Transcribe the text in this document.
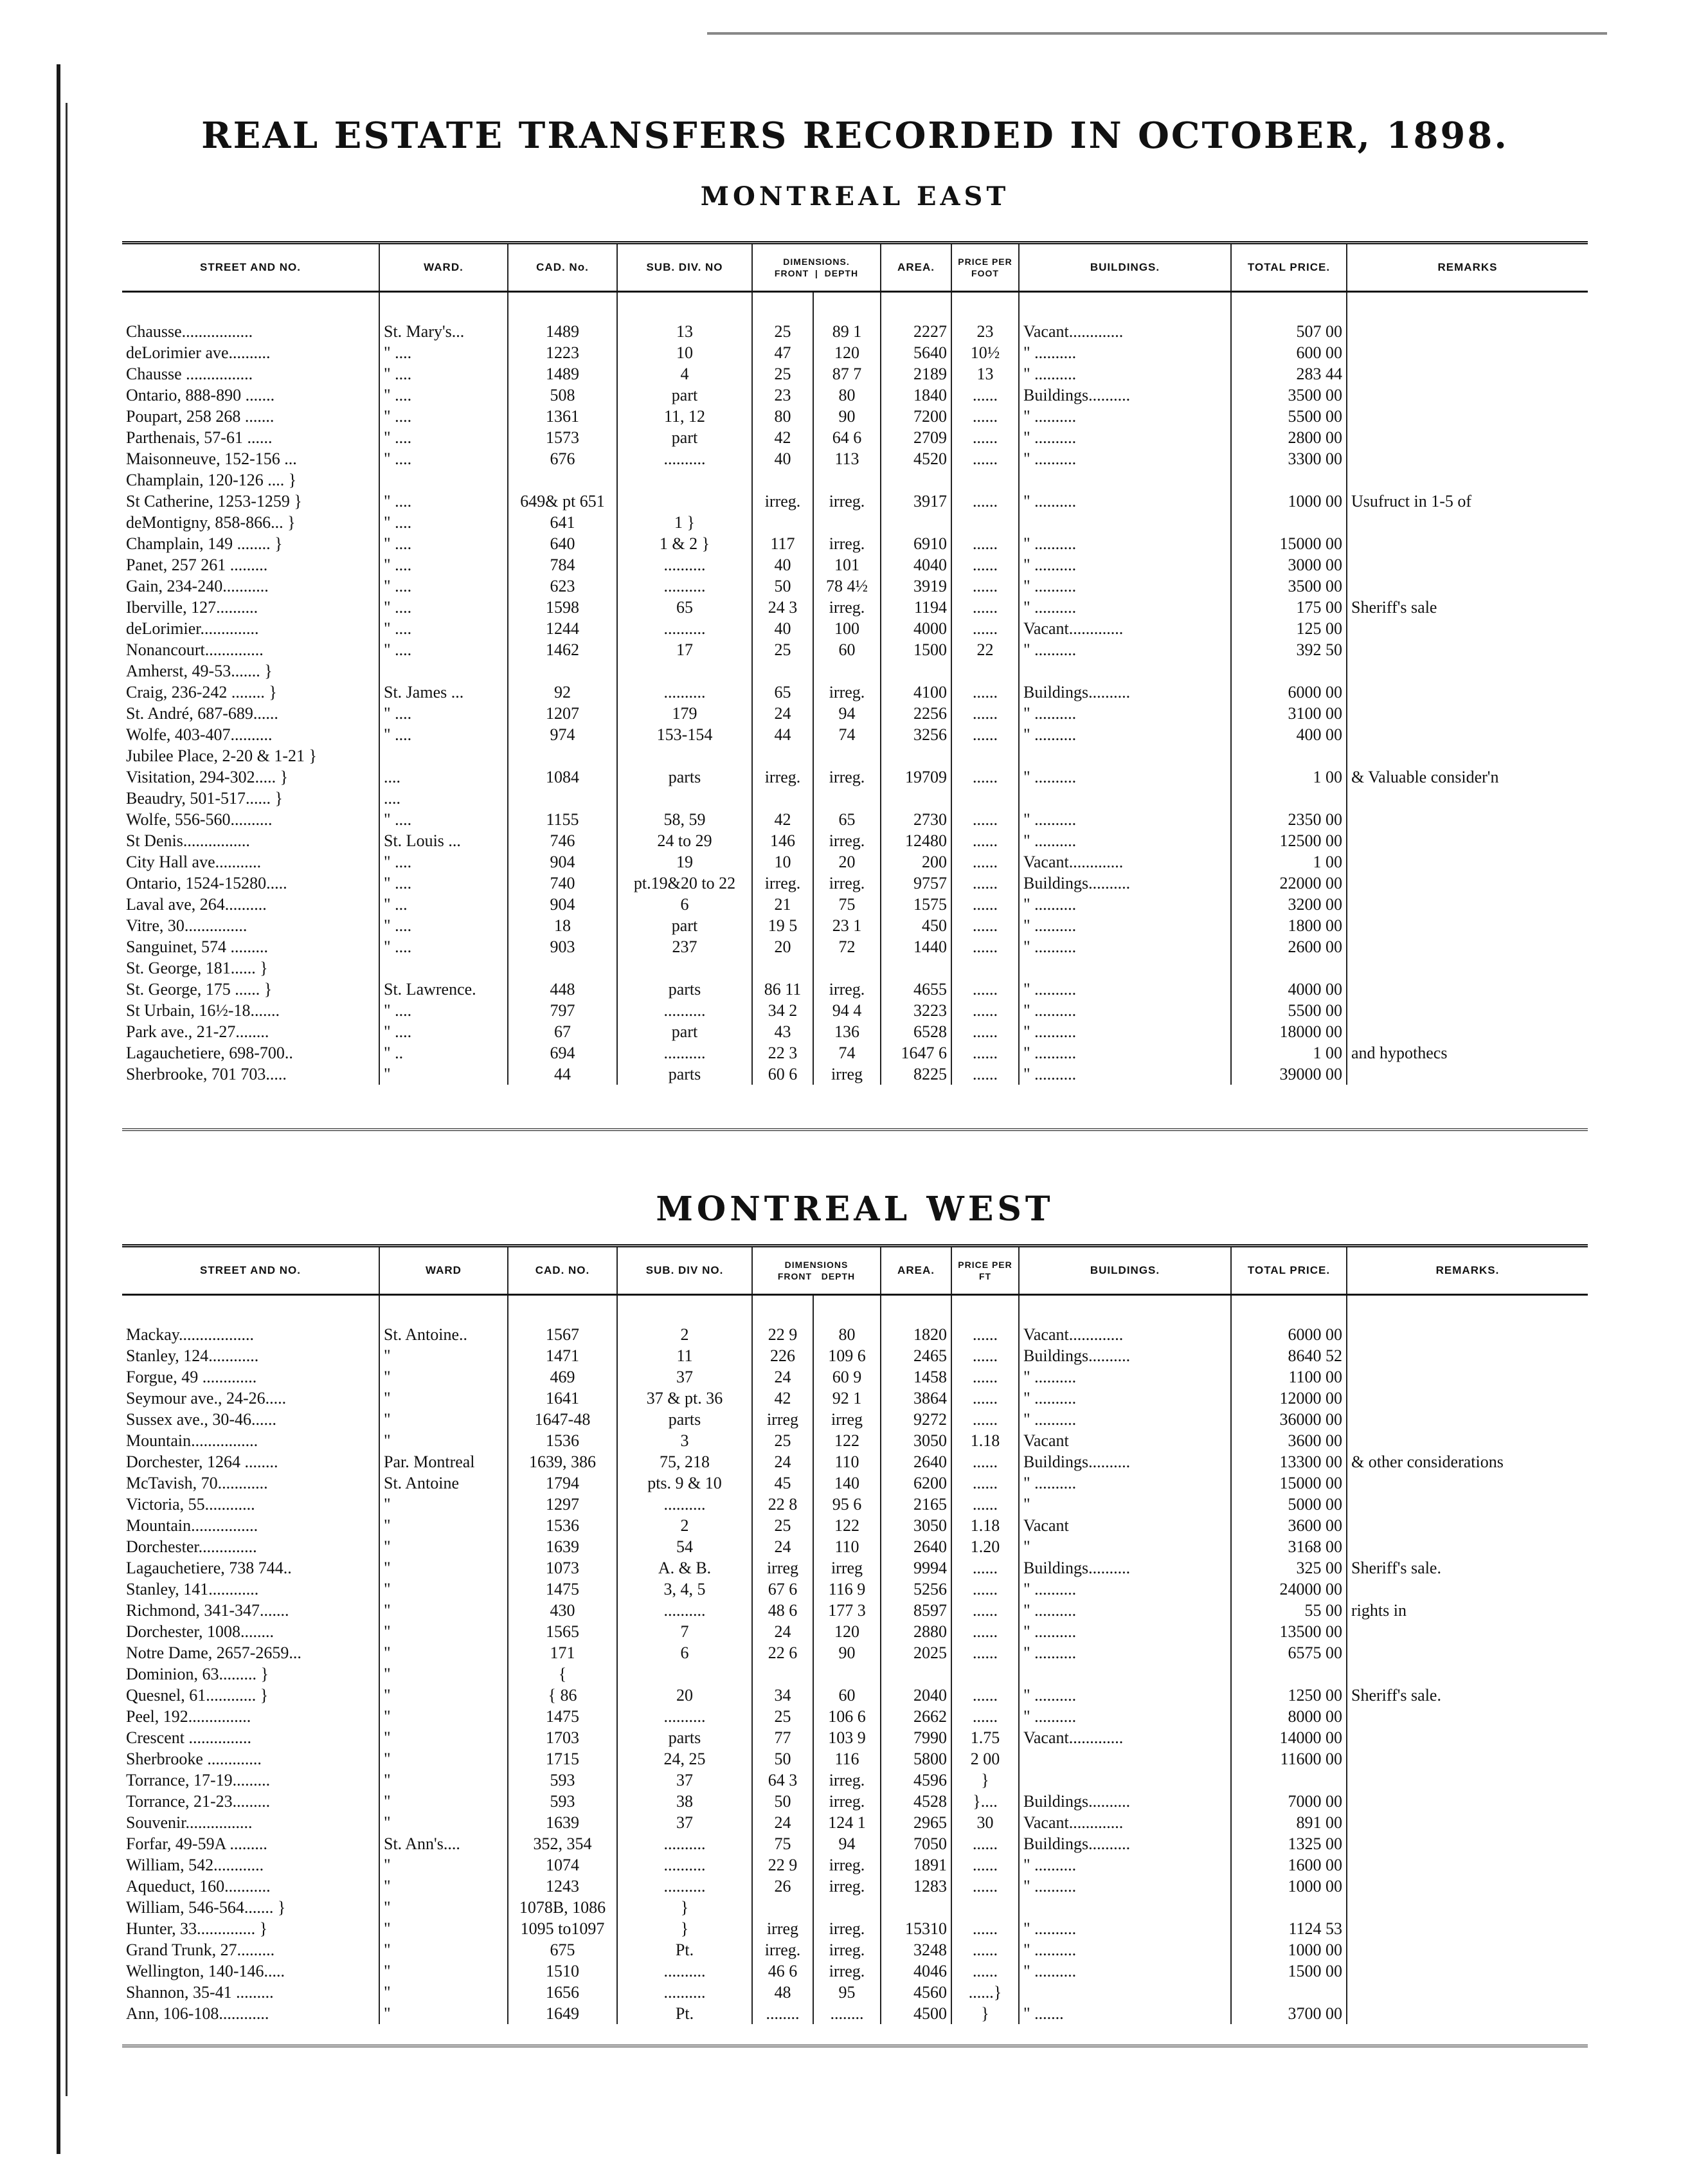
REAL ESTATE TRANSFERS RECORDED IN OCTOBER, 1898.
MONTREAL EAST
STREET AND NO.	WARD.	CAD. No.	SUB. DIV. NO	DIMENSIONS.
FRONT  |  DEPTH		AREA.	PRICE PER FOOT	BUILDINGS.	TOTAL PRICE.	REMARKS

Chausse.................	St. Mary's...	1489	13	25	89 1	2227	23	Vacant.............	507 00	
deLorimier ave..........	" ....	1223	10	47	120	5640	10½	" ..........	600 00	
Chausse ................	" ....	1489	4	25	87 7	2189	13	" ..........	283 44	
Ontario, 888-890 .......	" ....	508	part	23	80	1840	......	Buildings..........	3500 00	
Poupart, 258 268 .......	" ....	1361	11, 12	80	90	7200	......	" ..........	5500 00	
Parthenais, 57-61 ......	" ....	1573	part	42	64 6	2709	......	" ..........	2800 00	
Maisonneuve, 152-156 ...	" ....	676	..........	40	113	4520	......	" ..........	3300 00	
Champlain, 120-126 .... }										
St Catherine, 1253-1259 }	" ....	649& pt 651		irreg.	irreg.	3917	......	" ..........	1000 00	Usufruct in 1-5 of
deMontigny, 858-866... }	" ....	641	1 }							
Champlain, 149 ........ }	" ....	640	1 & 2 }	117	irreg.	6910	......	" ..........	15000 00	
Panet, 257 261 .........	" ....	784	..........	40	101	4040	......	" ..........	3000 00	
Gain, 234-240...........	" ....	623	..........	50	78 4½	3919	......	" ..........	3500 00	
Iberville, 127..........	" ....	1598	65	24 3	irreg.	1194	......	" ..........	175 00	Sheriff's sale
deLorimier..............	" ....	1244	..........	40	100	4000	......	Vacant.............	125 00	
Nonancourt..............	" ....	1462	17	25	60	1500	22	" ..........	392 50	
Amherst, 49-53....... }										
Craig, 236-242 ........ }	St. James ...	92	..........	65	irreg.	4100	......	Buildings..........	6000 00	
St. André, 687-689......	" ....	1207	179	24	94	2256	......	" ..........	3100 00	
Wolfe, 403-407..........	" ....	974	153-154	44	74	3256	......	" ..........	400 00	
Jubilee Place, 2-20 & 1-21 }										
Visitation, 294-302..... }	....	1084	parts	irreg.	irreg.	19709	......	" ..........	1 00	& Valuable consider'n
Beaudry, 501-517...... }	....									
Wolfe, 556-560..........	" ....	1155	58, 59	42	65	2730	......	" ..........	2350 00	
St Denis................	St. Louis ...	746	24 to 29	146	irreg.	12480	......	" ..........	12500 00	
City Hall ave...........	" ....	904	19	10	20	200	......	Vacant.............	1 00	
Ontario, 1524-15280.....	" ....	740	pt.19&20 to 22	irreg.	irreg.	9757	......	Buildings..........	22000 00	
Laval ave, 264..........	" ...	904	6	21	75	1575	......	" ..........	3200 00	
Vitre, 30...............	" ....	18	part	19 5	23 1	450	......	" ..........	1800 00	
Sanguinet, 574 .........	" ....	903	237	20	72	1440	......	" ..........	2600 00	
St. George, 181...... }										
St. George, 175 ...... }	St. Lawrence.	448	parts	86 11	irreg.	4655	......	" ..........	4000 00	
St Urbain, 16½-18.......	" ....	797	..........	34 2	94 4	3223	......	" ..........	5500 00	
Park ave., 21-27........	" ....	67	part	43	136	6528	......	" ..........	18000 00	
Lagauchetiere, 698-700..	" ..	694	..........	22 3	74	1647 6	......	" ..........	1 00	and hypothecs
Sherbrooke, 701 703.....	"	44	parts	60 6	irreg	8225	......	" ..........	39000 00	
MONTREAL WEST
STREET AND NO.	WARD	CAD. NO.	SUB. DIV NO.	DIMENSIONS
FRONT DEPTH		AREA.	PRICE PER FT	BUILDINGS.	TOTAL PRICE.	REMARKS.

Mackay..................	St. Antoine..	1567	2	22 9	80	1820	......	Vacant.............	6000 00	
Stanley, 124............	"	1471	11	226	109 6	2465	......	Buildings..........	8640 52	
Forgue, 49 .............	"	469	37	24	60 9	1458	......	" ..........	1100 00	
Seymour ave., 24-26.....	"	1641	37 & pt. 36	42	92 1	3864	......	" ..........	12000 00	
Sussex ave., 30-46......	"	1647-48	parts	irreg	irreg	9272	......	" ..........	36000 00	
Mountain................	"	1536	3	25	122	3050	1.18	Vacant	3600 00	
Dorchester, 1264 ........	Par. Montreal	1639, 386	75, 218	24	110	2640	......	Buildings..........	13300 00	& other considerations
McTavish, 70............	St. Antoine	1794	pts. 9 & 10	45	140	6200	......	" ..........	15000 00	
Victoria, 55............	"	1297	..........	22 8	95 6	2165	......	"	5000 00	
Mountain................	"	1536	2	25	122	3050	1.18	Vacant	3600 00	
Dorchester..............	"	1639	54	24	110	2640	1.20	"	3168 00	
Lagauchetiere, 738 744..	"	1073	A. & B.	irreg	irreg	9994	......	Buildings..........	325 00	Sheriff's sale.
Stanley, 141............	"	1475	3, 4, 5	67 6	116 9	5256	......	" ..........	24000 00	
Richmond, 341-347.......	"	430	..........	48 6	177 3	8597	......	" ..........	55 00	rights in
Dorchester, 1008........	"	1565	7	24	120	2880	......	" ..........	13500 00	
Notre Dame, 2657-2659...	"	171	6	22 6	90	2025	......	" ..........	6575 00	
Dominion, 63......... }	"	{								
Quesnel, 61............ }	"	{ 86	20	34	60	2040	......	" ..........	1250 00	Sheriff's sale.
Peel, 192...............	"	1475	..........	25	106 6	2662	......	" ..........	8000 00	
Crescent ...............	"	1703	parts	77	103 9	7990	1.75	Vacant.............	14000 00	
Sherbrooke .............	"	1715	24, 25	50	116	5800	2 00		11600 00	
Torrance, 17-19.........	"	593	37	64 3	irreg.	4596	}			
Torrance, 21-23.........	"	593	38	50	irreg.	4528	}....	Buildings..........	7000 00	
Souvenir................	"	1639	37	24	124 1	2965	30	Vacant.............	891 00	
Forfar, 49-59A .........	St. Ann's....	352, 354	..........	75	94	7050	......	Buildings..........	1325 00	
William, 542............	"	1074	..........	22 9	irreg.	1891	......	" ..........	1600 00	
Aqueduct, 160...........	"	1243	..........	26	irreg.	1283	......	" ..........	1000 00	
William, 546-564....... }	"	1078B, 1086	}							
Hunter, 33.............. }	"	1095 to1097	}	irreg	irreg.	15310	......	" ..........	1124 53	
Grand Trunk, 27.........	"	675	Pt.	irreg.	irreg.	3248	......	" ..........	1000 00	
Wellington, 140-146.....	"	1510	..........	46 6	irreg.	4046	......	" ..........	1500 00	
Shannon, 35-41 .........	"	1656	..........	48	95	4560	......}			
Ann, 106-108............	"	1649	Pt.	........	........	4500	}	" .......	3700 00	
